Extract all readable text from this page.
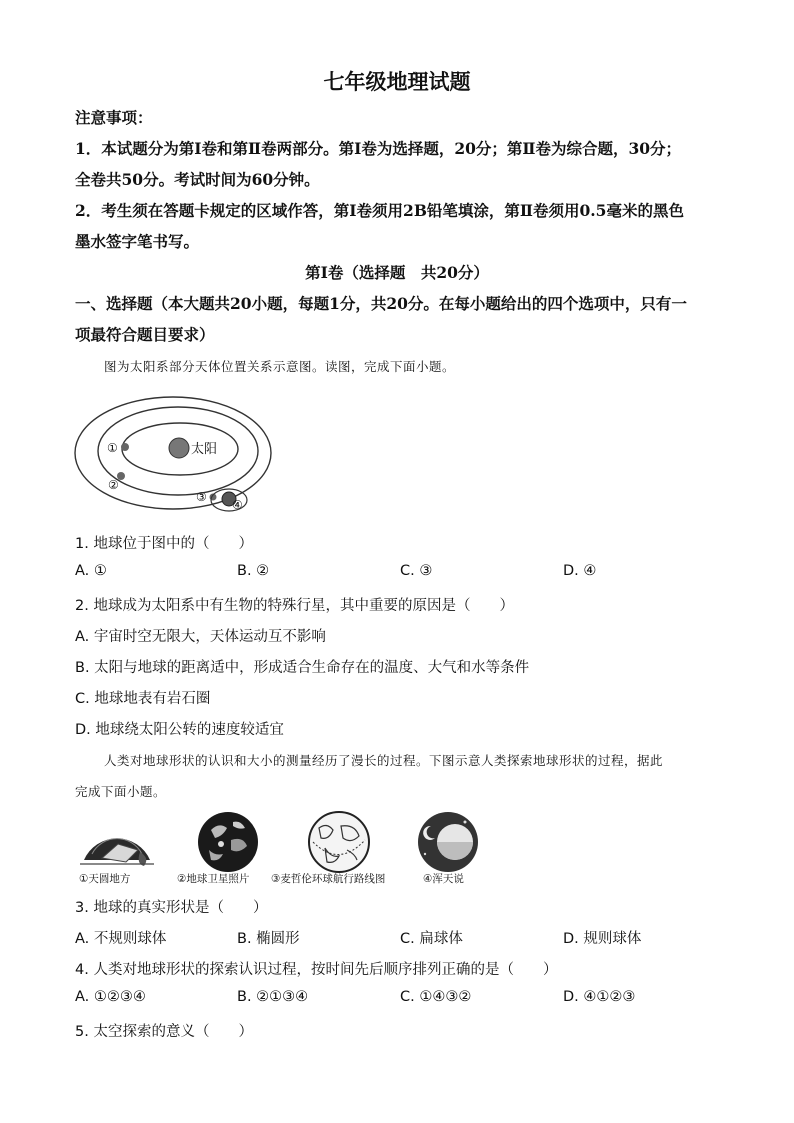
七年级地理试题
注意事项：
1．本试题分为第Ⅰ卷和第Ⅱ卷两部分。第Ⅰ卷为选择题，20分；第Ⅱ卷为综合题，30分；
全卷共50分。考试时间为60分钟。
2．考生须在答题卡规定的区域作答，第Ⅰ卷须用2B铅笔填涂，第Ⅱ卷须用0.5毫米的黑色
墨水签字笔书写。
第Ⅰ卷（选择题　共20分）
一、选择题（本大题共20小题，每题1分，共20分。在每小题给出的四个选项中，只有一
项最符合题目要求）
图为太阳系部分天体位置关系示意图。读图，完成下面小题。
太阳
①
②
③
④
1. 地球位于图中的（　　）
A. ①	B. ②	C. ③	D. ④
2. 地球成为太阳系中有生物的特殊行星，其中重要的原因是（　　）
A. 宇宙时空无限大，天体运动互不影响
B. 太阳与地球的距离适中，形成适合生命存在的温度、大气和水等条件
C. 地球地表有岩石圈
D. 地球绕太阳公转的速度较适宜
人类对地球形状的认识和大小的测量经历了漫长的过程。下图示意人类探索地球形状的过程，据此
完成下面小题。
①天圆地方	②地球卫星照片 ③麦哲伦环球航行路线图	④浑天说
3. 地球的真实形状是（　　）
A. 不规则球体	B. 椭圆形	C. 扁球体	D. 规则球体
4. 人类对地球形状的探索认识过程，按时间先后顺序排列正确的是（　　）
A. ①②③④	B. ②①③④	C. ①④③②	D. ④①②③
5. 太空探索的意义（　　）
